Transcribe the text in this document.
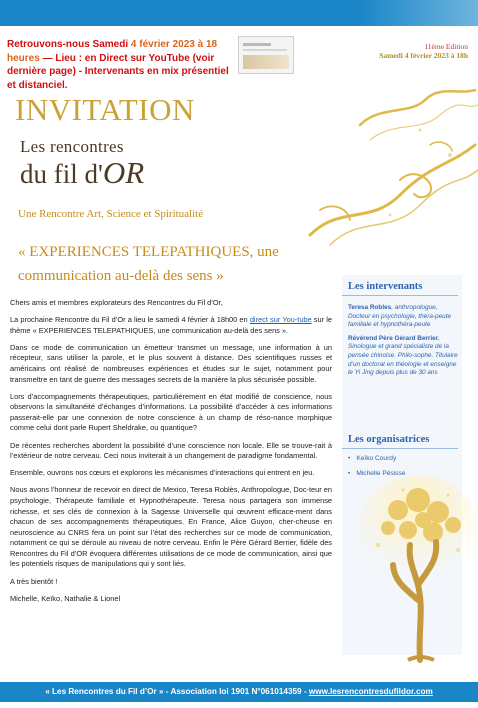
Retrouvons-nous Samedi 4 février 2023 à 18 heures — Lieu : en Direct sur YouTube (voir dernière page) - Intervenants en mix présentiel et distanciel.
11ème Edition
Samedi 4 février 2023 à 18h
INVITATION
Les rencontres
du fil d'OR
Une Rencontre Art, Science et Spiritualité
« EXPERIENCES TELEPATHIQUES, une communication au-delà des sens »

Chers amis et membres explorateurs des Rencontres du Fil d’Or,

La prochaine Rencontre du Fil d’Or a lieu le samedi 4 février à 18h00 en direct sur You-tube sur le thème « EXPERIENCES TELEPATHIQUES, une communication au-delà des sens ».

Dans ce mode de communication un émetteur transmet un message, une information à un récepteur, sans utiliser la parole, et le plus souvent à distance. Des scientifiques russes et américains ont réalisé de nombreuses expériences et études sur le sujet, notamment pour transmettre en tant de guerre des messages secrets de la manière la plus sécurisée possible.

Lors d’accompagnements thérapeutiques, particulièrement en état modifié de conscience, nous observons la simultanéité d’échanges d’informations. La possibilité d’accéder à ces informations passerait-elle par une connexion de notre conscience à un champ de réso-nance morphique comme celui dont parle Rupert Sheldrake, ou quantique?

De récentes recherches abordent la possibilité d’une conscience non locale. Elle se trouve-rait à l’extérieur de notre cerveau. Ceci nous inviterait à un changement de paradigme fondamental.

Ensemble, ouvrons nos cœurs et explorons les mécanismes d’interactions qui entrent en jeu.

Nous avons l’honneur de recevoir en direct de Mexico, Teresa Roblès, Anthropologue, Doc-teur en psychologie, Thérapeute familiale et Hypnothérapeute. Teresa nous partagera son immense richesse, et ses clés de connexion à la Sagesse Universelle qui œuvrent efficace-ment dans chacun de ses accompagnements thérapeutiques. En France, Alice Guyon, cher-cheuse en neuroscience au CNRS fera un point sur l’état des recherches sur ce mode de communication, notamment ce qui se déroule au niveau de notre cerveau. Enfin le Père Gérard Berrier, fidèle des Rencontres du Fil d’OR évoquera différentes utilisations de ce mode de communication, ainsi que les potentiels risques de manipulations qui y sont liés.

A très bientôt !

Michelle, Keïko, Nathalie & Lionel

Les intervenants
Teresa Robles, anthropologue, Docteur en psychologie, théra-peute familiale et hypnothéra-peute
Révérend Père Gérard Berrier, Sinologue et grand spécialiste de la pensée chinoise. Philo-sophe. Titulaire d’un doctorat en théologie et enseigne le Yi Jing depuis plus de 30 ans
Les organisatrices
• Keïko Courdy
• Michelle Pésisse
« Les Rencontres du Fil d’Or » - Association loi 1901 N°061014359 - www.lesrencontresdufildor.com
